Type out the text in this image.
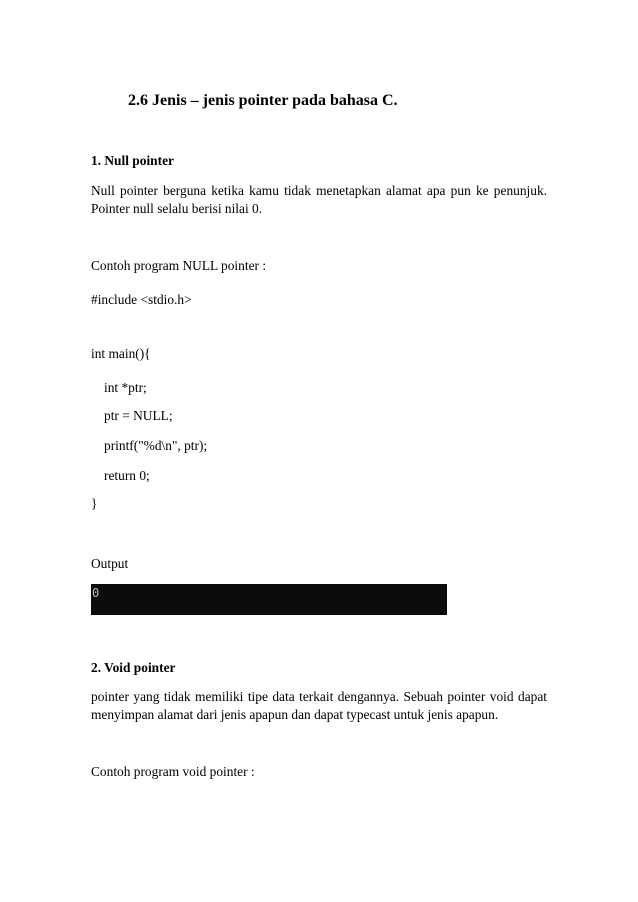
2.6 Jenis – jenis pointer pada bahasa C.
1. Null pointer
Null pointer berguna ketika kamu tidak menetapkan alamat apa pun ke penunjuk. Pointer null selalu berisi nilai 0.
Contoh program NULL pointer :
#include <stdio.h>
int main(){
int *ptr;
ptr = NULL;
printf("%d\n", ptr);
return 0;
}
Output
0
2. Void pointer
pointer yang tidak memiliki tipe data terkait dengannya. Sebuah pointer void dapat menyimpan alamat dari jenis apapun dan dapat typecast untuk jenis apapun.
Contoh program void pointer :
